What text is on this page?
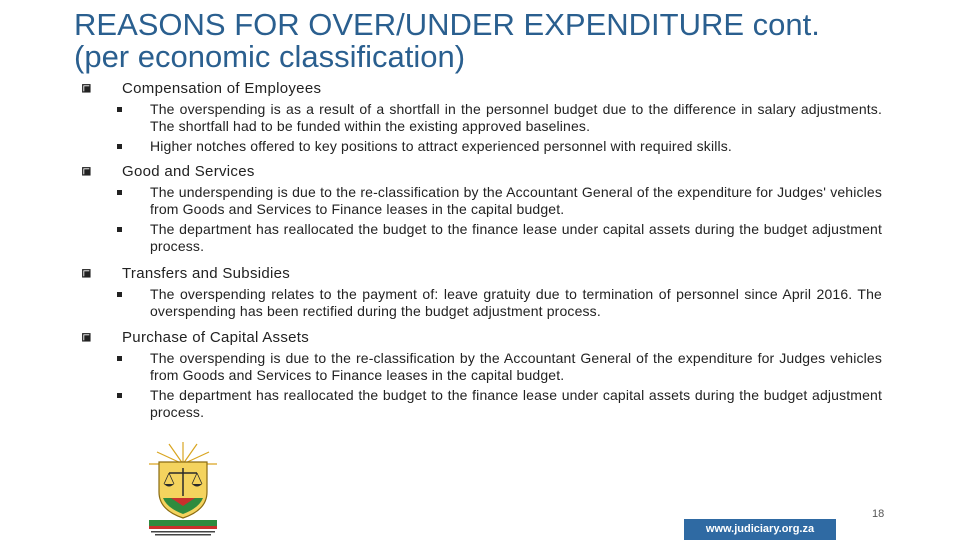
REASONS FOR OVER/UNDER EXPENDITURE cont.
(per economic classification)
Compensation of Employees
The overspending is as a result of a shortfall in the personnel budget due to the difference in salary adjustments. The shortfall had to be funded within the existing approved baselines.
Higher notches offered to key positions to attract experienced personnel with required skills.
Good and Services
The underspending is due to the re-classification by the Accountant General of the expenditure for Judges' vehicles from Goods and Services to Finance leases in the capital budget.
The department has reallocated the budget to the finance lease under capital assets during the budget adjustment process.
Transfers and Subsidies
The overspending relates to the payment of: leave gratuity due to termination of personnel since April 2016. The overspending has been rectified during the budget adjustment process.
Purchase of Capital Assets
The overspending is due to the re-classification by the Accountant General of the expenditure for Judges vehicles from Goods and Services to Finance leases in the capital budget.
The department has reallocated the budget to the finance lease under capital assets during the budget adjustment process.
18
www.judiciary.org.za
